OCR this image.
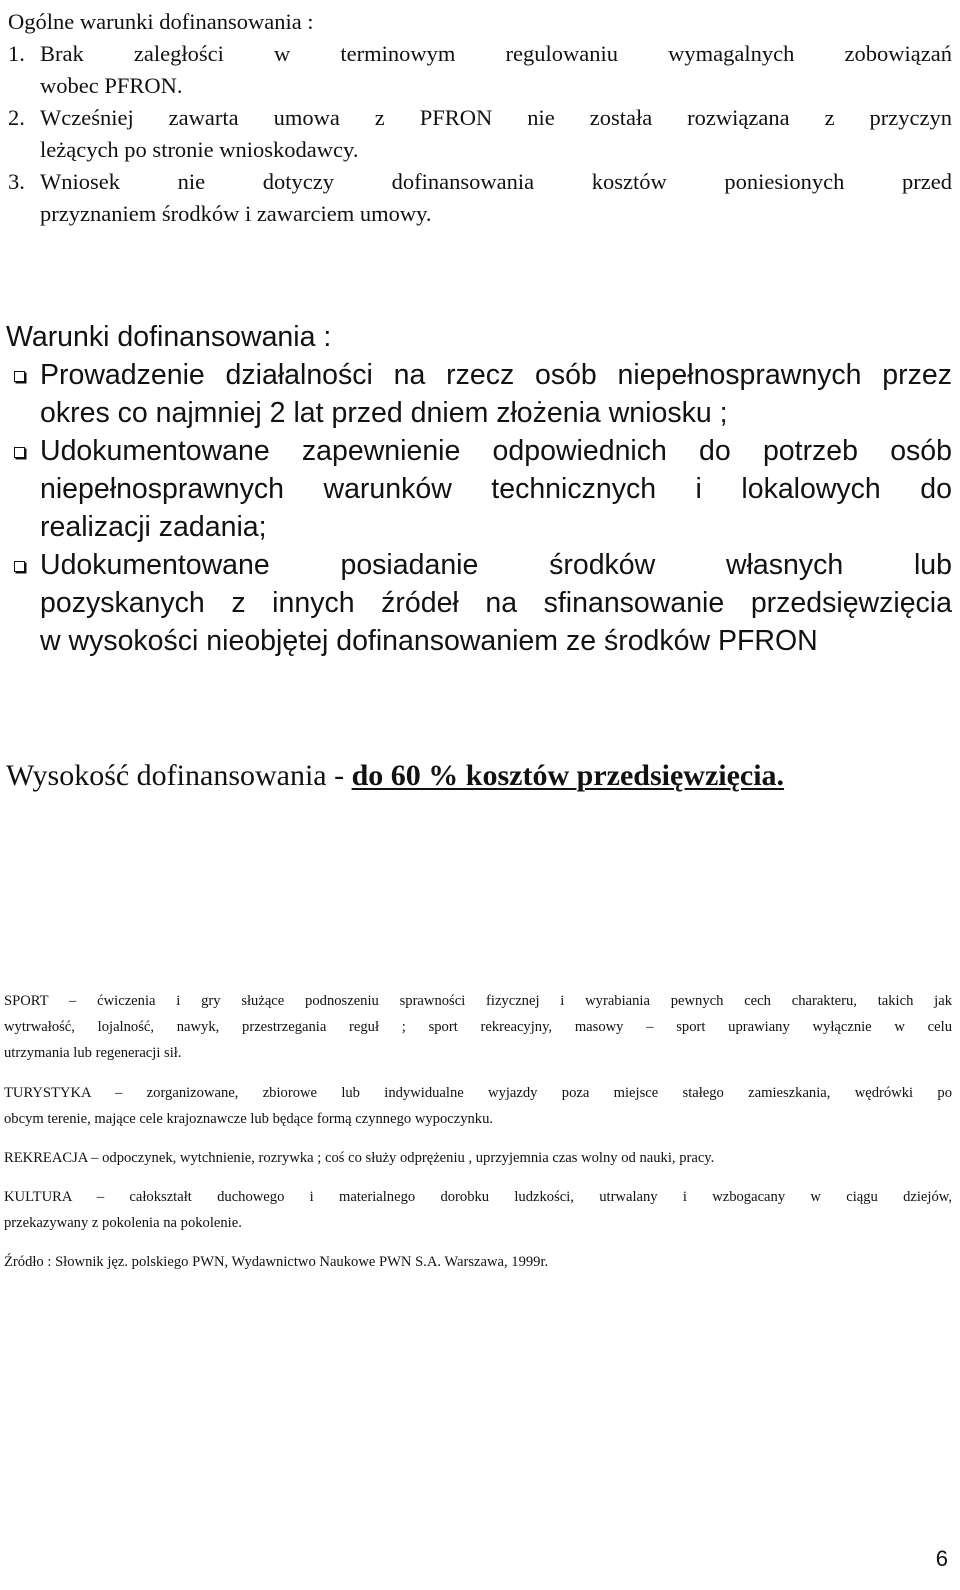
Ogólne warunki dofinansowania :
1. Brak zaległości w terminowym regulowaniu wymagalnych zobowiązań
wobec PFRON.
2. Wcześniej zawarta umowa z PFRON nie została rozwiązana z przyczyn
leżących po stronie wnioskodawcy.
3. Wniosek nie dotyczy dofinansowania kosztów poniesionych przed
przyznaniem środków i zawarciem umowy.
Warunki dofinansowania :
Prowadzenie działalności na rzecz osób niepełnosprawnych przez
okres co najmniej 2 lat przed dniem złożenia wniosku ;
Udokumentowane zapewnienie odpowiednich do potrzeb osób
niepełnosprawnych warunków technicznych i lokalowych do
realizacji zadania;
Udokumentowane posiadanie środków własnych lub
pozyskanych z innych źródeł na sfinansowanie przedsięwzięcia
w wysokości nieobjętej dofinansowaniem ze środków PFRON
Wysokość dofinansowania - do 60 % kosztów przedsięwzięcia.
SPORT – ćwiczenia i gry służące podnoszeniu sprawności fizycznej i wyrabiania pewnych cech charakteru, takich jak
wytrwałość, lojalność, nawyk, przestrzegania reguł ; sport rekreacyjny, masowy – sport uprawiany wyłącznie w celu
utrzymania lub regeneracji sił.
TURYSTYKA – zorganizowane, zbiorowe lub indywidualne wyjazdy poza miejsce stałego zamieszkania, wędrówki po
obcym terenie, mające cele krajoznawcze lub będące formą czynnego wypoczynku.
REKREACJA – odpoczynek, wytchnienie, rozrywka ; coś co służy odprężeniu , uprzyjemnia czas wolny od nauki, pracy.
KULTURA – całokształt duchowego i materialnego dorobku ludzkości, utrwalany i wzbogacany w ciągu dziejów,
przekazywany z pokolenia na pokolenie.
Źródło : Słownik jęz. polskiego PWN, Wydawnictwo Naukowe PWN S.A. Warszawa, 1999r.
6
